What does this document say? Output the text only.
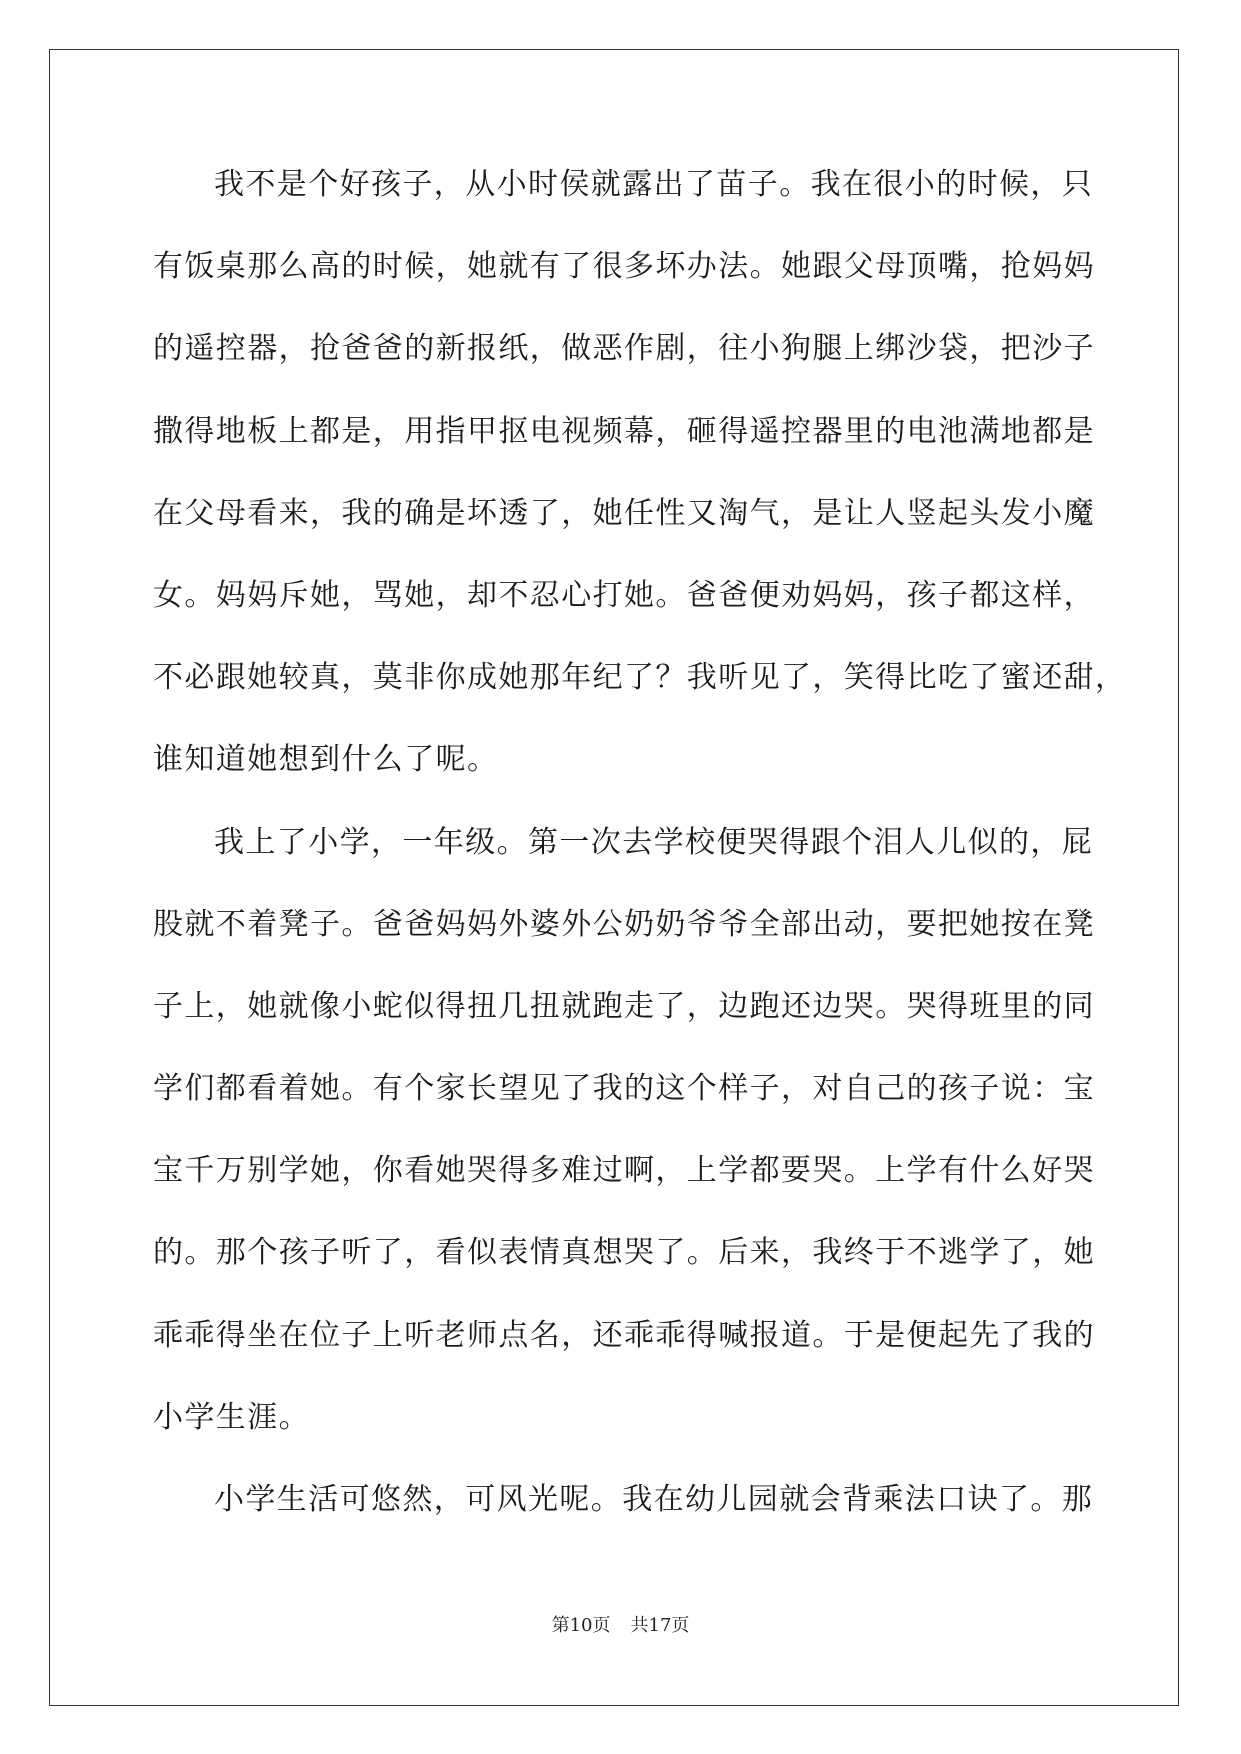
我不是个好孩子，从小时侯就露出了苗子。我在很小的时候，只
有饭桌那么高的时候，她就有了很多坏办法。她跟父母顶嘴，抢妈妈
的遥控器，抢爸爸的新报纸，做恶作剧，往小狗腿上绑沙袋，把沙子
撒得地板上都是，用指甲抠电视频幕，砸得遥控器里的电池满地都是
在父母看来，我的确是坏透了，她任性又淘气，是让人竖起头发小魔
女。妈妈斥她，骂她，却不忍心打她。爸爸便劝妈妈，孩子都这样，
不必跟她较真，莫非你成她那年纪了？我听见了，笑得比吃了蜜还甜，
谁知道她想到什么了呢。
我上了小学，一年级。第一次去学校便哭得跟个泪人儿似的，屁
股就不着凳子。爸爸妈妈外婆外公奶奶爷爷全部出动，要把她按在凳
子上，她就像小蛇似得扭几扭就跑走了，边跑还边哭。哭得班里的同
学们都看着她。有个家长望见了我的这个样子，对自己的孩子说：宝
宝千万别学她，你看她哭得多难过啊，上学都要哭。上学有什么好哭
的。那个孩子听了，看似表情真想哭了。后来，我终于不逃学了，她
乖乖得坐在位子上听老师点名，还乖乖得喊报道。于是便起先了我的
小学生涯。
小学生活可悠然，可风光呢。我在幼儿园就会背乘法口诀了。那
第10页 共17页
